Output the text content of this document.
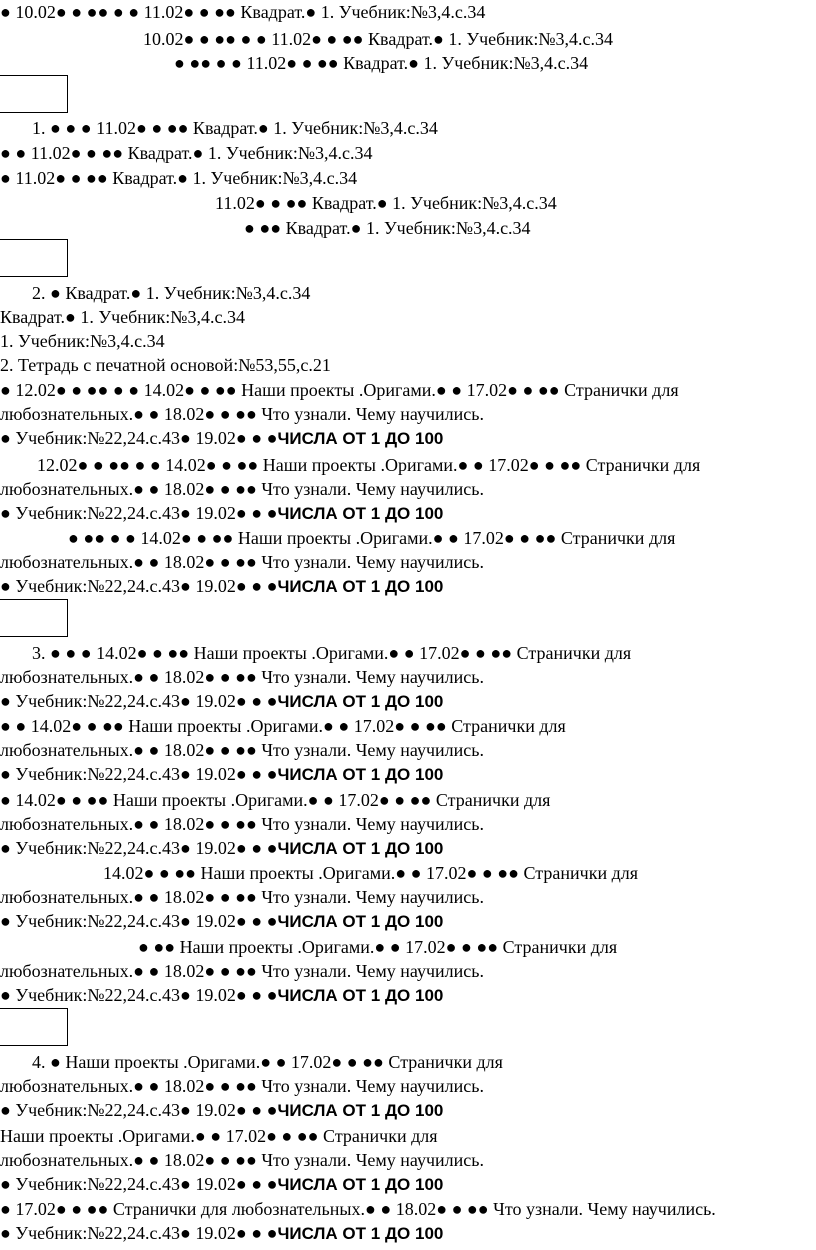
● 10.02● ● ●● ● ● 11.02● ● ●● Квадрат.● 1. Учебник:№3,4.с.34
10.02● ● ●● ● ● 11.02● ● ●● Квадрат.● 1. Учебник:№3,4.с.34
● ●● ● ● 11.02● ● ●● Квадрат.● 1. Учебник:№3,4.с.34
1. ● ● ● 11.02● ● ●● Квадрат.● 1. Учебник:№3,4.с.34
● ● 11.02● ● ●● Квадрат.● 1. Учебник:№3,4.с.34
● 11.02● ● ●● Квадрат.● 1. Учебник:№3,4.с.34
11.02● ● ●● Квадрат.● 1. Учебник:№3,4.с.34
● ●● Квадрат.● 1. Учебник:№3,4.с.34
2. ● Квадрат.● 1. Учебник:№3,4.с.34
Квадрат.● 1. Учебник:№3,4.с.34
1. Учебник:№3,4.с.34
2. Тетрадь с печатной основой:№53,55,с.21
● 12.02● ● ●● ● ● 14.02● ● ●● Наши проекты .Оригами.● ● 17.02● ● ●● Странички для
любознательных.● ● 18.02● ● ●● Что узнали. Чему научились.
● Учебник:№22,24.с.43● 19.02● ● ●ЧИСЛА ОТ 1 ДО 100
12.02● ● ●● ● ● 14.02● ● ●● Наши проекты .Оригами.● ● 17.02● ● ●● Странички для
любознательных.● ● 18.02● ● ●● Что узнали. Чему научились.
● Учебник:№22,24.с.43● 19.02● ● ●ЧИСЛА ОТ 1 ДО 100
● ●● ● ● 14.02● ● ●● Наши проекты .Оригами.● ● 17.02● ● ●● Странички для
любознательных.● ● 18.02● ● ●● Что узнали. Чему научились.
● Учебник:№22,24.с.43● 19.02● ● ●ЧИСЛА ОТ 1 ДО 100
3. ● ● ● 14.02● ● ●● Наши проекты .Оригами.● ● 17.02● ● ●● Странички для
любознательных.● ● 18.02● ● ●● Что узнали. Чему научились.
● Учебник:№22,24.с.43● 19.02● ● ●ЧИСЛА ОТ 1 ДО 100
● ● 14.02● ● ●● Наши проекты .Оригами.● ● 17.02● ● ●● Странички для
любознательных.● ● 18.02● ● ●● Что узнали. Чему научились.
● Учебник:№22,24.с.43● 19.02● ● ●ЧИСЛА ОТ 1 ДО 100
● 14.02● ● ●● Наши проекты .Оригами.● ● 17.02● ● ●● Странички для
любознательных.● ● 18.02● ● ●● Что узнали. Чему научились.
● Учебник:№22,24.с.43● 19.02● ● ●ЧИСЛА ОТ 1 ДО 100
14.02● ● ●● Наши проекты .Оригами.● ● 17.02● ● ●● Странички для
любознательных.● ● 18.02● ● ●● Что узнали. Чему научились.
● Учебник:№22,24.с.43● 19.02● ● ●ЧИСЛА ОТ 1 ДО 100
● ●● Наши проекты .Оригами.● ● 17.02● ● ●● Странички для
любознательных.● ● 18.02● ● ●● Что узнали. Чему научились.
● Учебник:№22,24.с.43● 19.02● ● ●ЧИСЛА ОТ 1 ДО 100
4. ● Наши проекты .Оригами.● ● 17.02● ● ●● Странички для
любознательных.● ● 18.02● ● ●● Что узнали. Чему научились.
● Учебник:№22,24.с.43● 19.02● ● ●ЧИСЛА ОТ 1 ДО 100
Наши проекты .Оригами.● ● 17.02● ● ●● Странички для
любознательных.● ● 18.02● ● ●● Что узнали. Чему научились.
● Учебник:№22,24.с.43● 19.02● ● ●ЧИСЛА ОТ 1 ДО 100
● 17.02● ● ●● Странички для любознательных.● ● 18.02● ● ●● Что узнали. Чему научились.
● Учебник:№22,24.с.43● 19.02● ● ●ЧИСЛА ОТ 1 ДО 100
